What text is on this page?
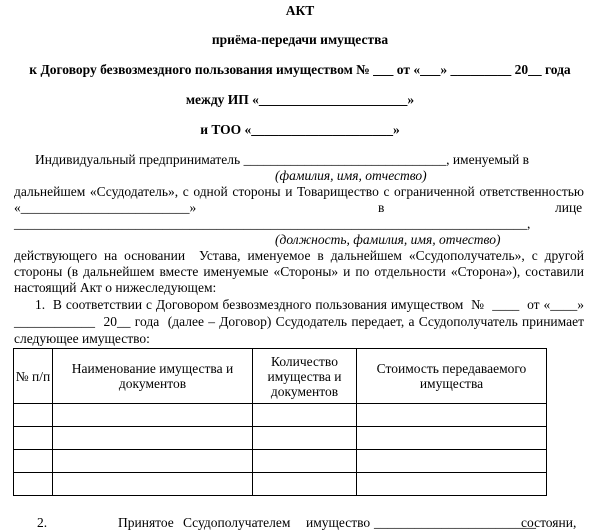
АКТ
приёма-передачи имущества
к Договору безвозмездного пользования имуществом № ___ от «___» _________ 20__ года
между ИП «______________________»
и ТОО «_____________________»
Индивидуальный предприниматель ______________________________, именуемый в
(фамилия, имя, отчество)
дальнейшем «Ссудодатель», с одной стороны и Товарищество с ограниченной ответственностью
«_________________________»	в	лице
____________________________________________________________________________,
(должность, фамилия, имя, отчество)
действующего на основании  Устава, именуемое в дальнейшем «Ссудополучатель», с другой
стороны (в дальнейшем вместе именуемые «Стороны» и по отдельности «Сторона»), составили
настоящий Акт о нижеследующем:
1.  В соответствии с Договором безвозмездного пользования имуществом  №  ____  от «____»
____________  20__ года  (далее – Договор) Ссудодатель передает, а Ссудополучатель принимает
следующее имущество:
№ п/п	Наименование имущества и документов	Количество имущества и документов	Стоимость передаваемого имущества

2.	Принятое Ссудополучателем имущество ________________________
состояни,
